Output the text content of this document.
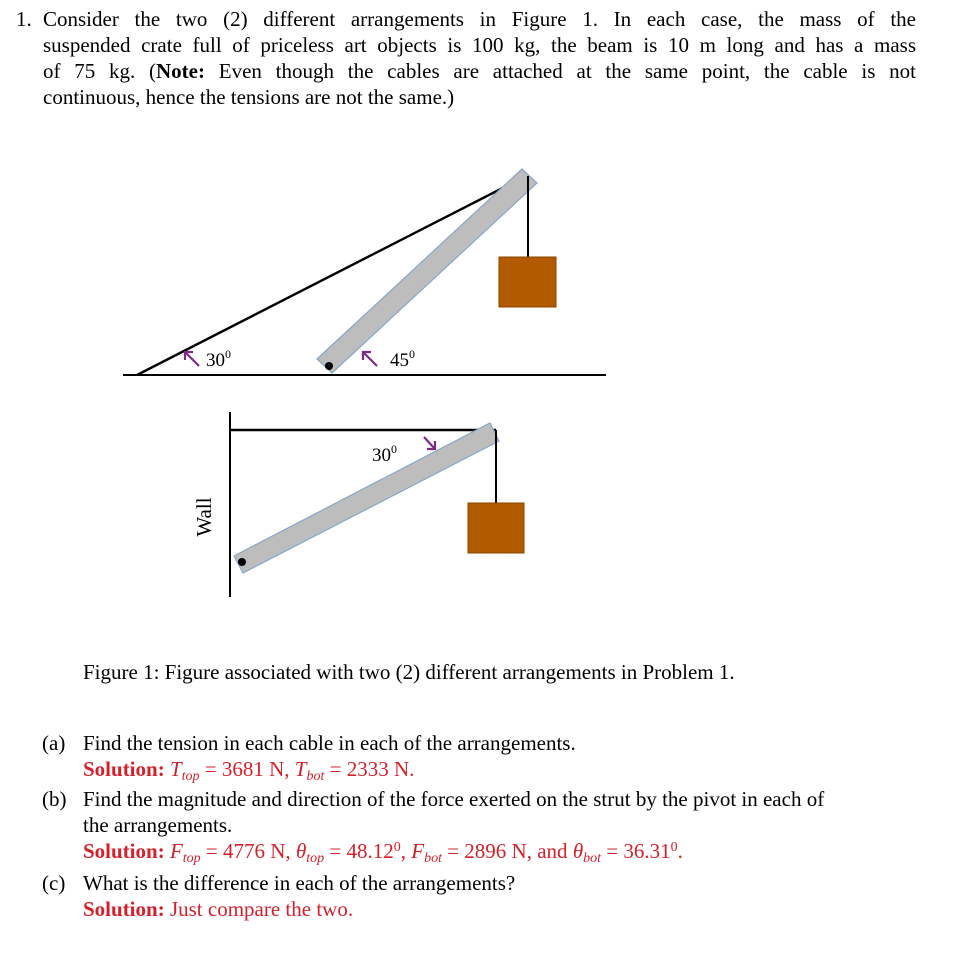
1. Consider the two (2) different arrangements in Figure 1. In each case, the mass of the
suspended crate full of priceless art objects is 100 kg, the beam is 10 m long and has a mass
of 75 kg. (Note: Even though the cables are attached at the same point, the cable is not
continuous, hence the tensions are not the same.)
$30^0$	$45^0$
Wall
$30^0$
Figure 1: Figure associated with two (2) different arrangements in Problem 1.
(a) Find the tension in each cable in each of the arrangements.
Solution: $T_{top} = 3681$ N, $T_{bot} = 2333$ N.
(b) Find the magnitude and direction of the force exerted on the strut by the pivot in each of
the arrangements.
Solution: $F_{top} = 4776$ N, $\theta_{top} = 48.12^0$, $F_{bot} = 2896$ N, and $\theta_{bot} = 36.31^0$.
(c) What is the difference in each of the arrangements?
Solution: Just compare the two.
